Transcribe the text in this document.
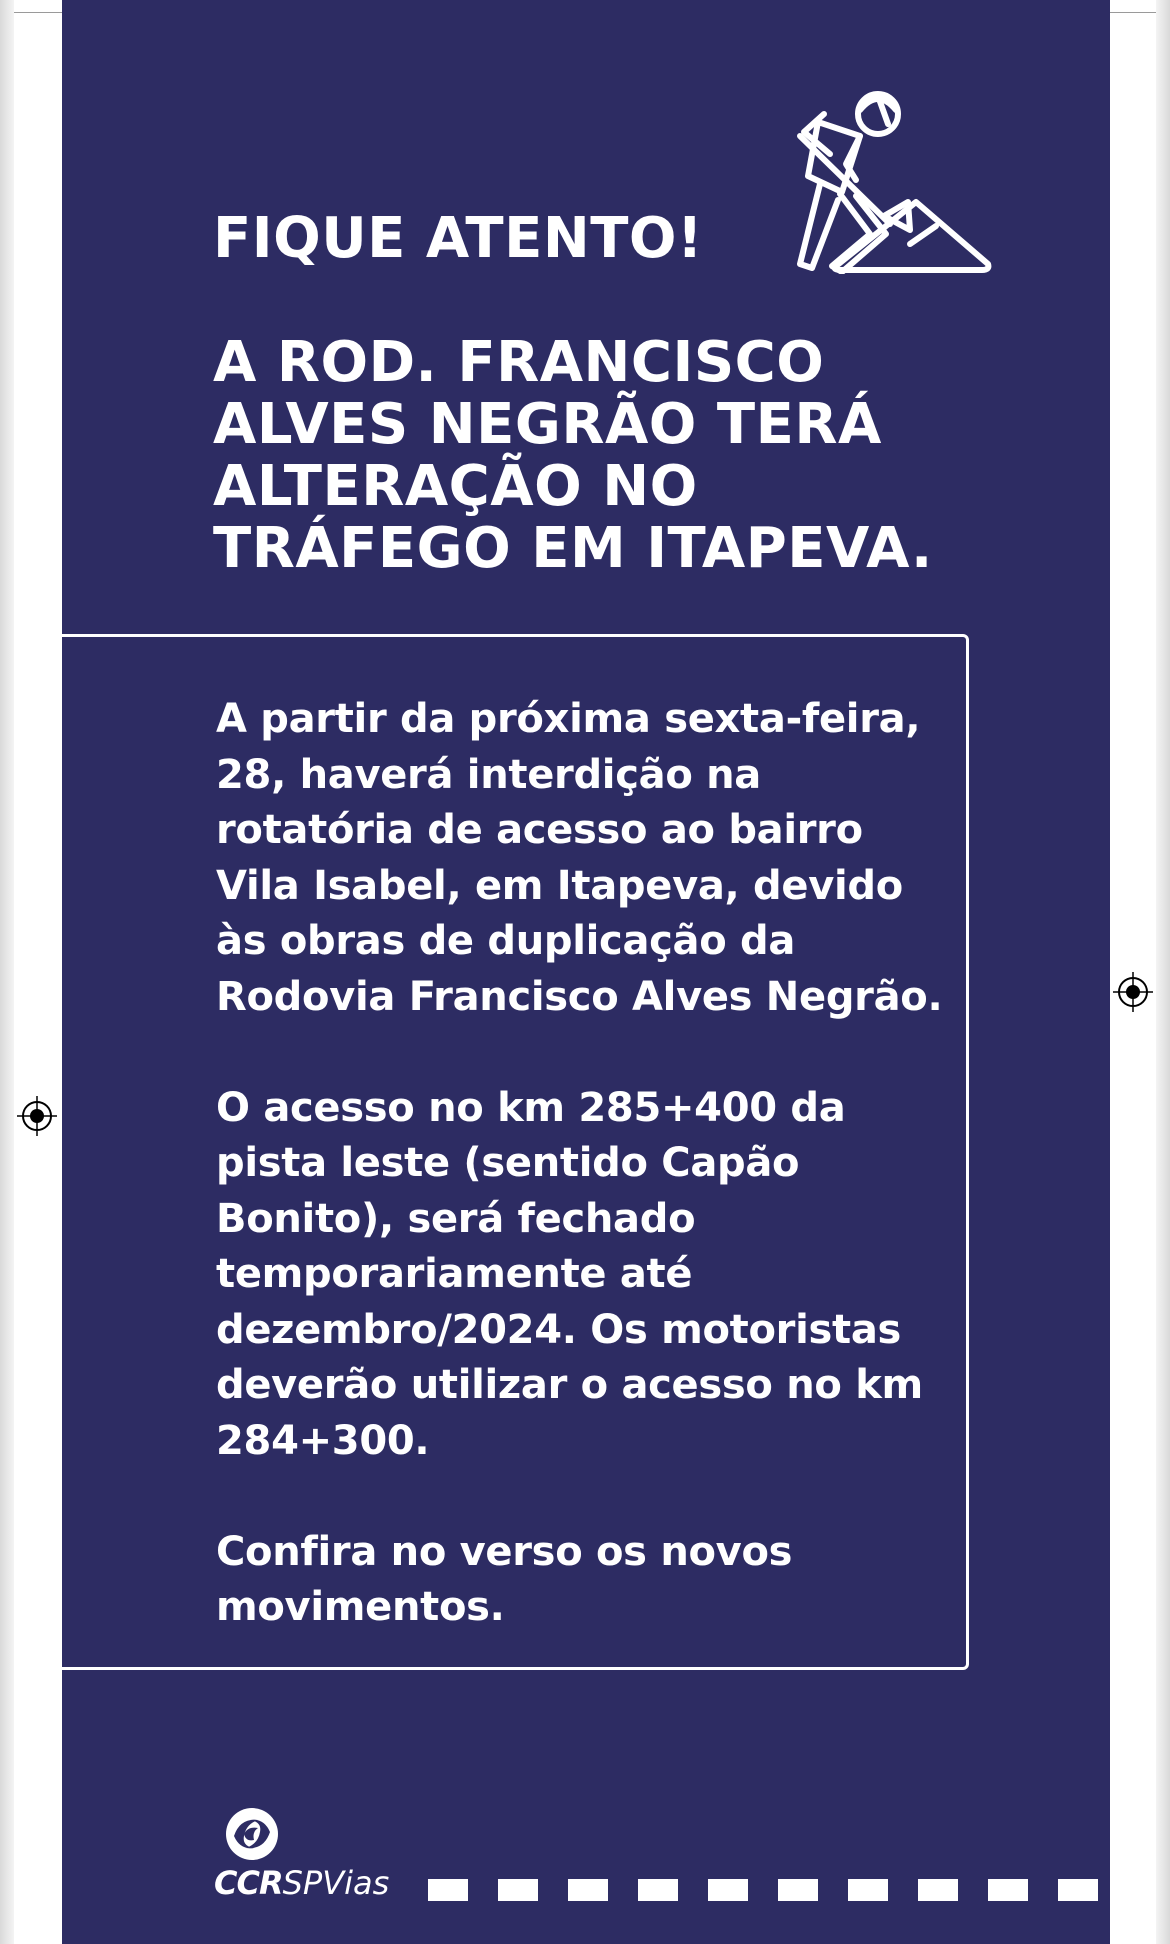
FIQUE ATENTO!
A ROD. FRANCISCO
ALVES NEGRÃO TERÁ
ALTERAÇÃO NO
TRÁFEGO EM ITAPEVA.

A partir da próxima sexta-feira,
28, haverá interdição na
rotatória de acesso ao bairro
Vila Isabel, em Itapeva, devido
às obras de duplicação da
Rodovia Francisco Alves Negrão.

O acesso no km 285+400 da
pista leste (sentido Capão
Bonito), será fechado
temporariamente até
dezembro/2024. Os motoristas
deverão utilizar o acesso no km
284+300.

Confira no verso os novos
movimentos.

CCRSPVias
